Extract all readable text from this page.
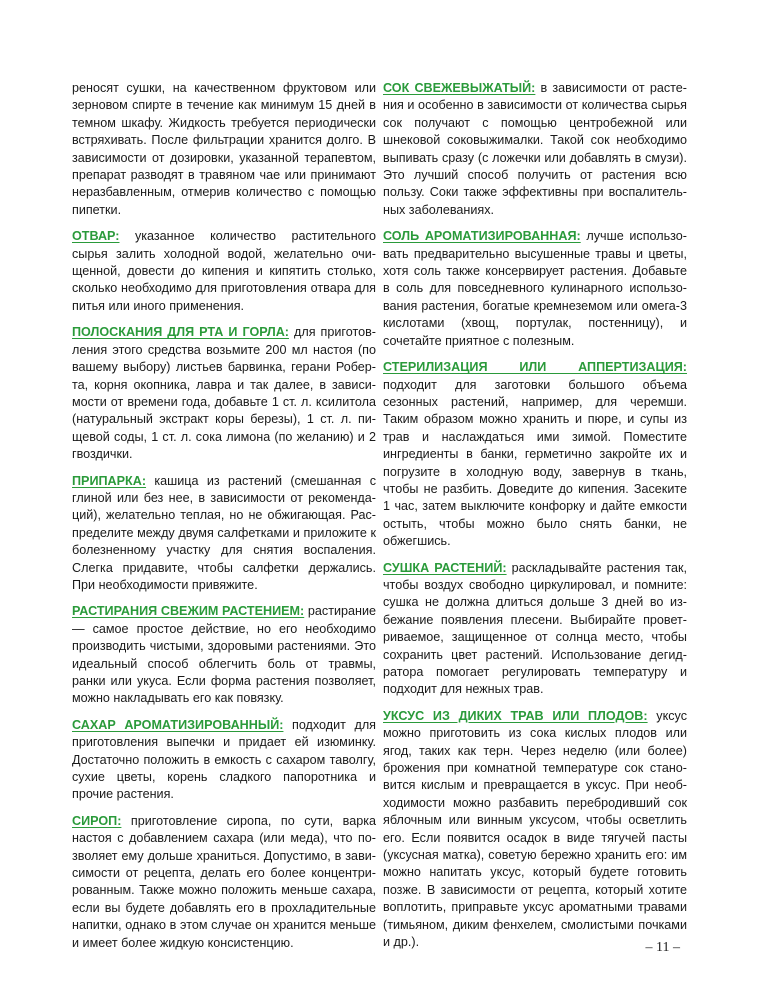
реносят сушки, на качественном фруктовом или зерновом спирте в течение как минимум 15 дней в темном шкафу. Жидкость требуется периодически встряхивать. После фильтрации хранится долго. В зависимости от дозировки, указанной терапевтом, препарат разводят в травяном чае или принимают неразбавленным, отмерив количество с помощью пипетки.

ОТВАР: указанное количество растительного сырья залить холодной водой, желательно очищенной, довести до кипения и кипятить столько, сколько необходимо для приготовления отвара для питья или иного применения.

ПОЛОСКАНИЯ ДЛЯ РТА И ГОРЛА: для приготовления этого средства возьмите 200 мл настоя (по вашему выбору) листьев барвинка, герани Роберта, корня окопника, лавра и так далее, в зависимости от времени года, добавьте 1 ст. л. ксилитола (натуральный экстракт коры березы), 1 ст. л. пищевой соды, 1 ст. л. сока лимона (по желанию) и 2 гвоздички.

ПРИПАРКА: кашица из растений (смешанная с глиной или без нее, в зависимости от рекомендаций), желательно теплая, но не обжигающая. Распределите между двумя салфетками и приложите к болезненному участку для снятия воспаления. Слегка придавите, чтобы салфетки держались. При необходимости привяжите.

РАСТИРАНИЯ СВЕЖИМ РАСТЕНИЕМ: растирание — самое простое действие, но его необходимо производить чистыми, здоровыми растениями. Это идеальный способ облегчить боль от травмы, ранки или укуса. Если форма растения позволяет, можно накладывать его как повязку.

САХАР АРОМАТИЗИРОВАННЫЙ: подходит для приготовления выпечки и придает ей изюминку. Достаточно положить в емкость с сахаром таволгу, сухие цветы, корень сладкого папоротника и прочие растения.

СИРОП: приготовление сиропа, по сути, варка настоя с добавлением сахара (или меда), что позволяет ему дольше храниться. Допустимо, в зависимости от рецепта, делать его более концентрированным. Также можно положить меньше сахара, если вы будете добавлять его в прохладительные напитки, однако в этом случае он хранится меньше и имеет более жидкую консистенцию.

СОК СВЕЖЕВЫЖАТЫЙ: в зависимости от растения и особенно в зависимости от количества сырья сок получают с помощью центробежной или шнековой соковыжималки. Такой сок необходимо выпивать сразу (с ложечки или добавлять в смузи). Это лучший способ получить от растения всю пользу. Соки также эффективны при воспалительных заболеваниях.

СОЛЬ АРОМАТИЗИРОВАННАЯ: лучше использовать предварительно высушенные травы и цветы, хотя соль также консервирует растения. Добавьте в соль для повседневного кулинарного использования растения, богатые кремнеземом или омега-3 кислотами (хвощ, портулак, постенницу), и сочетайте приятное с полезным.

СТЕРИЛИЗАЦИЯ ИЛИ АППЕРТИЗАЦИЯ: подходит для заготовки большого объема сезонных растений, например, для черемши. Таким образом можно хранить и пюре, и супы из трав и наслаждаться ими зимой. Поместите ингредиенты в банки, герметично закройте их и погрузите в холодную воду, завернув в ткань, чтобы не разбить. Доведите до кипения. Засеките 1 час, затем выключите конфорку и дайте емкости остыть, чтобы можно было снять банки, не обжегшись.

СУШКА РАСТЕНИЙ: раскладывайте растения так, чтобы воздух свободно циркулировал, и помните: сушка не должна длиться дольше 3 дней во избежание появления плесени. Выбирайте проветриваемое, защищенное от солнца место, чтобы сохранить цвет растений. Использование дегидратора помогает регулировать температуру и подходит для нежных трав.

УКСУС ИЗ ДИКИХ ТРАВ ИЛИ ПЛОДОВ: уксус можно приготовить из сока кислых плодов или ягод, таких как терн. Через неделю (или более) брожения при комнатной температуре сок становится кислым и превращается в уксус. При необходимости можно разбавить перебродивший сок яблочным или винным уксусом, чтобы осветлить его. Если появится осадок в виде тягучей пасты (уксусная матка), советую бережно хранить его: им можно напитать уксус, который будете готовить позже. В зависимости от рецепта, который хотите воплотить, приправьте уксус ароматными травами (тимьяном, диким фенхелем, смолистыми почками и др.).	– 11 –
